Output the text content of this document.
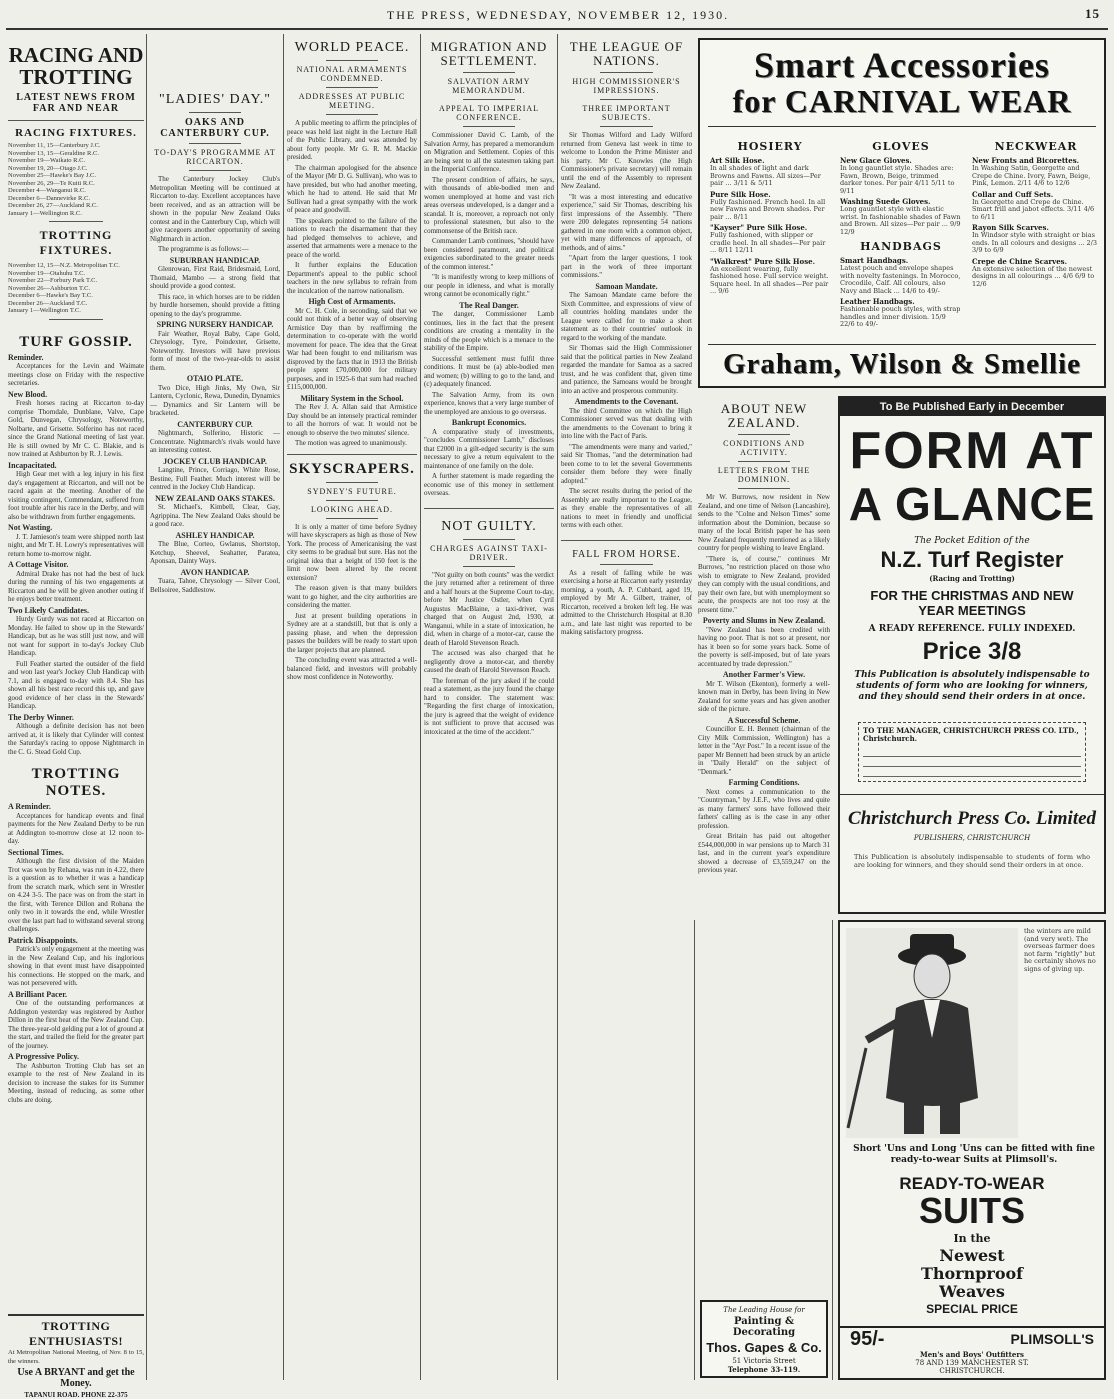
THE PRESS, WEDNESDAY, NOVEMBER 12, 1930.	15
RACING AND TROTTING
LATEST NEWS FROM FAR AND NEAR
RACING FIXTURES.
November 11, 15—Canterbury J.C.
November 13, 15—Geraldine R.C.
November 19—Waikato R.C.
November 19, 20—Otago J.C.
November 25—Hawke's Bay J.C.
November 26, 29—Te Kuiti R.C.
December 4—Wanganui R.C.
December 6—Dannevirke R.C.
December 26, 27—Auckland R.C.
January 1—Wellington R.C.
TROTTING FIXTURES.
November 12, 15—N.Z. Metropolitan T.C.
November 19—Otahuhu T.C.
November 22—Forbury Park T.C.
November 26—Ashburton T.C.
December 6—Hawke's Bay T.C.
December 26—Auckland T.C.
January 1—Wellington T.C.
TURF GOSSIP.
Reminder.

Acceptances for the Levin and Waimate meetings close on Friday with the respective secretaries.

New Blood.

Fresh horses racing at Riccarton to-day comprise Thorndale, Dunblane, Valve, Cape Gold, Dunvegan, Chrysology, Noteworthy, Nolbarte, and Grisette. Solferino has not raced since the Grand National meeting of last year. He is still owned by Mr C. C. Blakie, and is now trained at Ashburton by R. J. Lewis.

Incapacitated.

High Gear met with a leg injury in his first day's engagement at Riccarton, and will not be raced again at the meeting. Another of the visiting contingent, Commendant, suffered from foot trouble after his race in the Derby, and will also be withdrawn from further engagements.

Not Wasting.

J. T. Jamieson's team were shipped north last night, and Mr T. H. Lowry's representatives will return home to-morrow night.

A Cottage Visitor.

Admiral Drake has not had the best of luck during the running of his two engagements at Riccarton and he will be given another outing if he enjoys better treatment.

Two Likely Candidates.

Hurdy Gurdy was not raced at Riccarton on Monday. He failed to show up in the Stewards' Handicap, but as he was still just now, and will not want for support in to-day's Jockey Club Handicap.

Full Feather started the outsider of the field and won last year's Jockey Club Handicap with 7.1, and is engaged to-day with 8.4. She has shown all his best race record this up, and gave good evidence of her class in the Stewards' Handicap.

The Derby Winner.

Although a definite decision has not been arrived at, it is likely that Cylinder will contest the Saturday's racing to oppose Nightmarch in the C. G. Stead Gold Cup.

TROTTING NOTES.
A Reminder.

Acceptances for handicap events and final payments for the New Zealand Derby to be run at Addington to-morrow close at 12 noon to-day.

Sectional Times.

Although the first division of the Maiden Trot was won by Rehana, was run in 4.22, there is a question as to whether it was a handicap from the scratch mark, which sent in Wrestler on 4.24 3-5. The pace was on from the start in the first, with Terence Dillon and Rohana the only two in it towards the end, while Wrestler over the last part had to withstand several strong challenges.

Patrick Disappoints.

Patrick's only engagement at the meeting was in the New Zealand Cup, and his inglorious showing in that event must have disappointed his connections. He stopped on the mark, and was not persevered with.

A Brilliant Pacer.

One of the outstanding performances at Addington yesterday was registered by Author Dillon in the first heat of the New Zealand Cup. The three-year-old gelding put a lot of ground at the start, and trailed the field for the greater part of the journey.

A Progressive Policy.

The Ashburton Trotting Club has set an example to the rest of New Zealand in its decision to increase the stakes for its Summer Meeting, instead of reducing, as some other clubs are doing.

TROTTING ENTHUSIASTS!
At Metropolitan National Meeting, of Nov. 8 to 15, the winners.
Use A BRYANT and get the Money.
TAPANUI ROAD. PHONE 22-375
"LADIES' DAY."
OAKS AND CANTERBURY CUP.
TO-DAY'S PROGRAMME AT RICCARTON.

The Canterbury Jockey Club's Metropolitan Meeting will be continued at Riccarton to-day. Excellent acceptances have been received, and as an attraction will be shown in the popular New Zealand Oaks contest and in the Canterbury Cup, which will give racegoers another opportunity of seeing Nightmarch in action.

The programme is as follows:—

SUBURBAN HANDICAP.

Glenrowan, First Raid, Bridesmaid, Lord, Thomaid, Mambo — a strong field that should provide a good contest.

This race, in which horses are to be ridden by hurdle horsemen, should provide a fitting opening to the day's programme.

SPRING NURSERY HANDICAP.

Fair Weather, Royal Baby, Cape Gold, Chrysology, Tyre, Poindexter, Grisette, Noteworthy. Investors will have previous form of most of the two-year-olds to assist them.

OTAIO PLATE.

Two Dice, High Jinks, My Own, Sir Lantern, Cyclonic, Rewa, Dunedin, Dynamics — Dynamics and Sir Lantern will be bracketed.

CANTERBURY CUP.

Nightmarch, Solferino, Historic — Concentrate. Nightmarch's rivals would have an interesting contest.

JOCKEY CLUB HANDICAP.

Langtine, Prince, Corriago, White Rose, Bestine, Full Feather. Much interest will be centred in the Jockey Club Handicap.

NEW ZEALAND OAKS STAKES.

St. Michael's, Kimbell, Clear, Gay, Agrippina. The New Zealand Oaks should be a good race.

ASHLEY HANDICAP.

The Blue, Corteo, Gwlanus, Shortstop, Ketchup, Sheevel, Seahatter, Paratea, Aponsan, Dainty Ways.

AVON HANDICAP.

Tuara, Tahoe, Chrysology — Silver Cool, Bellsoiree, Saddlestow.

WORLD PEACE.
NATIONAL ARMAMENTS CONDEMNED.
ADDRESSES AT PUBLIC MEETING.

A public meeting to affirm the principles of peace was held last night in the Lecture Hall of the Public Library, and was attended by about forty people. Mr G. R. M. Mackie presided.

The chairman apologised for the absence of the Mayor (Mr D. G. Sullivan), who was to have presided, but who had another meeting, which he had to attend. He said that Mr Sullivan had a great sympathy with the work of peace and goodwill.

The speakers pointed to the failure of the nations to reach the disarmament that they had pledged themselves to achieve, and asserted that armaments were a menace to the peace of the world.

It further explains the Education Department's appeal to the public school teachers in the new syllabus to refrain from the inculcation of the narrow nationalism.

High Cost of Armaments.

Mr C. H. Cole, in seconding, said that we could not think of a better way of observing Armistice Day than by reaffirming the determination to co-operate with the world movement for peace. The idea that the Great War had been fought to end militarism was disproved by the facts that in 1913 the British people spent £70,000,000 for military purposes, and in 1925-6 that sum had reached £115,000,000.

Military System in the School.

The Rev J. A. Allan said that Armistice Day should be an intensely practical reminder to all the horrors of war. It would not be enough to observe the two minutes' silence.

The motion was agreed to unanimously.

SKYSCRAPERS.
SYDNEY'S FUTURE.
LOOKING AHEAD.

It is only a matter of time before Sydney will have skyscrapers as high as those of New York. The process of Americanising the vast city seems to be gradual but sure. Has not the original idea that a height of 150 feet is the limit now been altered by the recent extension?

The reason given is that many builders want to go higher, and the city authorities are considering the matter.

Just at present building operations in Sydney are at a standstill, but that is only a passing phase, and when the depression passes the builders will be ready to start upon the larger projects that are planned.

The concluding event was attracted a well-balanced field, and investors will probably show most confidence in Noteworthy.

MIGRATION AND SETTLEMENT.
SALVATION ARMY MEMORANDUM.
APPEAL TO IMPERIAL CONFERENCE.

Commissioner David C. Lamb, of the Salvation Army, has prepared a memorandum on Migration and Settlement. Copies of this are being sent to all the statesmen taking part in the Imperial Conference.

The present condition of affairs, he says, with thousands of able-bodied men and women unemployed at home and vast rich areas overseas undeveloped, is a danger and a scandal. It is, moreover, a reproach not only to professional statesmen, but also to the commonsense of the British race.

Commander Lamb continues, "should have been considered paramount, and political exigencies subordinated to the greater needs of the common interest."

"It is manifestly wrong to keep millions of our people in idleness, and what is morally wrong cannot be economically right."

The Real Danger.

The danger, Commissioner Lamb continues, lies in the fact that the present conditions are creating a mentality in the minds of the people which is a menace to the stability of the Empire.

Successful settlement must fulfil three conditions. It must be (a) able-bodied men and women; (b) willing to go to the land, and (c) adequately financed.

The Salvation Army, from its own experience, knows that a very large number of the unemployed are anxious to go overseas.

Bankrupt Economics.

A comparative study of investments, "concludes Commissioner Lamb," discloses that £2000 in a gilt-edged security is the sum necessary to give a return equivalent to the maintenance of one family on the dole.

A further statement is made regarding the economic use of this money in settlement overseas.

NOT GUILTY.
CHARGES AGAINST TAXI-DRIVER.

"Not guilty on both counts" was the verdict the jury returned after a retirement of three and a half hours at the Supreme Court to-day, before Mr Justice Ostler, when Cyril Augustus MacBlaine, a taxi-driver, was charged that on August 2nd, 1930, at Wanganui, while in a state of intoxication, he did, when in charge of a motor-car, cause the death of Harold Stevenson Reach.

The accused was also charged that he negligently drove a motor-car, and thereby caused the death of Harold Stevenson Reach.

The foreman of the jury asked if he could read a statement, as the jury found the charge hard to consider. The statement was: "Regarding the first charge of intoxication, the jury is agreed that the weight of evidence is not sufficient to prove that accused was intoxicated at the time of the accident."

THE LEAGUE OF NATIONS.
HIGH COMMISSIONER'S IMPRESSIONS.
THREE IMPORTANT SUBJECTS.

Sir Thomas Wilford and Lady Wilford returned from Geneva last week in time to welcome to London the Prime Minister and his party. Mr C. Knowles (the High Commissioner's private secretary) will remain until the end of the Assembly to represent New Zealand.

"It was a most interesting and educative experience," said Sir Thomas, describing his first impressions of the Assembly. "There were 200 delegates representing 54 nations gathered in one room with a common object, yet with many differences of approach, of methods, and of aims."

"Apart from the larger questions, I took part in the work of three important commissions."

Samoan Mandate.

The Samoan Mandate came before the Sixth Committee, and expressions of view of all countries holding mandates under the League were called for to make a short statement as to their countries' outlook in regard to the working of the mandate.

Sir Thomas said the High Commissioner said that the political parties in New Zealand regarded the mandate for Samoa as a sacred trust, and he was confident that, given time and patience, the Samoans would be brought into an active and prosperous community.

Amendments to the Covenant.

The third Committee on which the High Commissioner served was that dealing with the amendments to the Covenant to bring it into line with the Pact of Paris.

"The amendments were many and varied," said Sir Thomas, "and the determination had been come to to let the several Governments consider them before they were finally adopted."

The secret results during the period of the Assembly are really important to the League, as they enable the representatives of all nations to meet in friendly and unofficial terms with each other.

FALL FROM HORSE.

As a result of falling while he was exercising a horse at Riccarton early yesterday morning, a youth, A. P. Cubbard, aged 19, employed by Mr A. Gilbert, trainer, of Riccarton, received a broken left leg. He was admitted to the Christchurch Hospital at 8.30 a.m., and late last night was reported to be making satisfactory progress.

Smart Accessories
for CARNIVAL WEAR
HOSIERY
Art Silk Hose.
In all shades of light and dark Browns and Fawns. All sizes—Per pair ... 3/11 & 5/11
Pure Silk Hose.
Fully fashioned. French heel. In all new Fawns and Brown shades. Per pair ... 8/11
"Kayser" Pure Silk Hose.
Fully fashioned, with slipper or cradle heel. In all shades—Per pair ... 8/11 12/11
"Walkrest" Pure Silk Hose.
An excellent wearing, fully fashioned hose. Full service weight. Square heel. In all shades—Per pair ... 9/6
GLOVES
New Glace Gloves.
In long gauntlet style. Shades are: Fawn, Brown, Beige, trimmed darker tones. Per pair 4/11 5/11 to 9/11
Washing Suede Gloves.
Long gauntlet style with elastic wrist. In fashionable shades of Fawn and Brown. All sizes—Per pair ... 9/9 12/9
HANDBAGS
Smart Handbags.
Latest pouch and envelope shapes with novelty fastenings. In Morocco, Crocodile, Calf. All colours, also Navy and Black ... 14/6 to 49/-
Leather Handbags.
Fashionable pouch styles, with strap handles and inner division. 15/9 22/6 to 49/-
NECKWEAR
New Fronts and Bicorettes.
In Washing Satin, Georgette and Crepe de Chine. Ivory, Fawn, Beige, Pink, Lemon. 2/11 4/6 to 12/6
Collar and Cuff Sets.
In Georgette and Crepe de Chine. Smart frill and jabot effects. 3/11 4/6 to 6/11
Rayon Silk Scarves.
In Windsor style with straight or bias ends. In all colours and designs ... 2/3 3/9 to 6/9
Crepe de Chine Scarves.
An extensive selection of the newest designs in all colourings ... 4/6 6/9 to 12/6
Graham, Wilson & Smellie
ABOUT NEW ZEALAND.
CONDITIONS AND ACTIVITY.
LETTERS FROM THE DOMINION.

Mr W. Burrows, now resident in New Zealand, and one time of Nelson (Lancashire), sends to the "Colne and Nelson Times" some information about the Dominion, because so many of the local British paper he has seen New Zealand frequently mentioned as a likely country for people wishing to leave England.

"There is, of course," continues Mr Burrows, "no restriction placed on those who wish to emigrate to New Zealand, provided they can comply with the usual conditions, and pay their own fare, but with unemployment so acute, the prospects are not too rosy at the present time."

Poverty and Slums in New Zealand.

"New Zealand has been credited with having no poor. That is not so at present, nor has it been so for some years back. Some of the poverty is self-imposed, but of late years accentuated by trade depression."

Another Farmer's View.

Mr T. Wilson (Ekenton), formerly a well-known man in Derby, has been living in New Zealand for some years and has given another side of the picture.

A Successful Scheme.

Councillor E. H. Bennett (chairman of the City Milk Commission, Wellington) has a letter in the "Ayr Post." In a recent issue of the paper Mr Bennett had been struck by an article in "Daily Herald" on the subject of "Denmark."

Farming Conditions.

Next comes a communication to the "Countryman," by J.E.F., who lives and quite as many farmers' sons have followed their fathers' calling as is the case in any other profession.

Great Britain has paid out altogether £544,000,000 in war pensions up to March 31 last, and in the current year's expenditure showed a decrease of £3,559,247 on the previous year.

To Be Published Early in December
FORM AT
A GLANCE
The Pocket Edition of the
N.Z. Turf Register
(Racing and Trotting)
FOR THE CHRISTMAS AND NEW YEAR MEETINGS
A READY REFERENCE. FULLY INDEXED.
Price 3/8
This Publication is absolutely indispensable to students of form who are looking for winners, and they should send their orders in at once.
TO THE MANAGER, CHRISTCHURCH PRESS CO. LTD., Christchurch.
Christchurch Press Co. Limited
PUBLISHERS, CHRISTCHURCH
This Publication is absolutely indispensable to students of form who are looking for winners, and they should send their orders in at once.
the winters are mild (and very wet). The overseas farmer does not farm "rightly" but he certainly shows no signs of giving up.
Short 'Uns and Long 'Uns can be fitted with fine ready-to-wear Suits at Plimsoll's.
READY-TO-WEAR
SUITS
In the
Newest
Thornproof
Weaves
SPECIAL PRICE
95/-	PLIMSOLL'S
Men's and Boys' Outfitters
78 AND 139 MANCHESTER ST.
CHRISTCHURCH.
The Leading House for
Painting & Decorating
Thos. Gapes & Co.
51 Victoria Street
Telephone 33-119.
